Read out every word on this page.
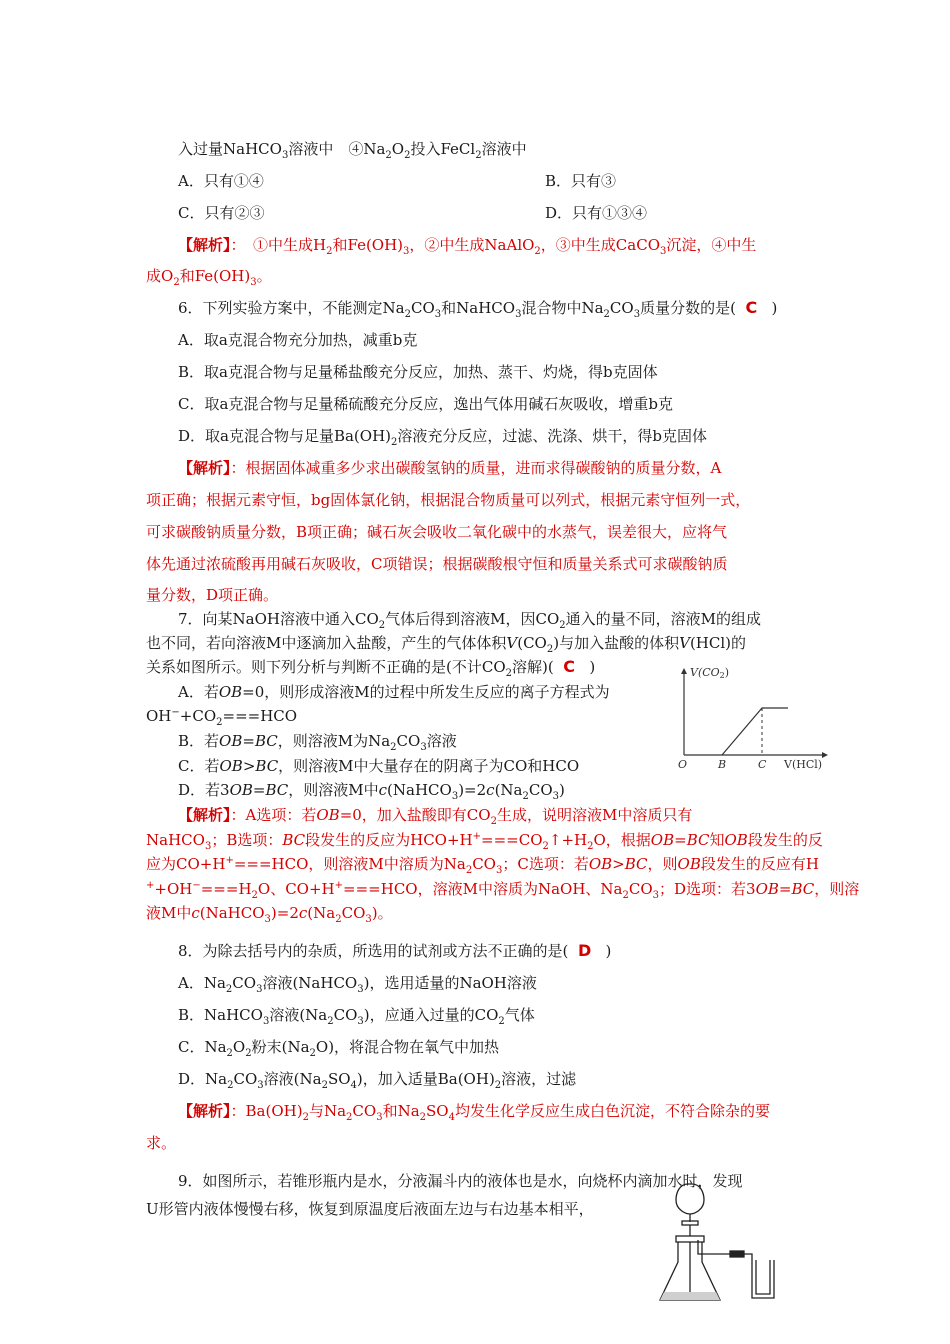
入过量NaHCO$_3$溶液中　$④Na_2O_2$投入FeCl$_2$溶液中
A．只有①④	B．只有③
C．只有②③	D．只有①③④
【解析】：　①中生成$H_2$和$Fe(OH)_3$，②中生成NaAlO$_2$，③中生成CaCO$_3$沉淀，④中生
成$O_2$和$Fe(OH)_3$。
6．下列实验方案中，不能测定$Na_2CO_3$和NaHCO$_3$混合物中$Na_2CO_3$质量分数的是( C )
A．取a克混合物充分加热，减重b克
B．取a克混合物与足量稀盐酸充分反应，加热、蒸干、灼烧，得b克固体
C．取a克混合物与足量稀硫酸充分反应，逸出气体用碱石灰吸收，增重b克
D．取a克混合物与足量$Ba(OH)_2$溶液充分反应，过滤、洗涤、烘干，得b克固体
【解析】：根据固体减重多少求出碳酸氢钠的质量，进而求得碳酸钠的质量分数，A
项正确；根据元素守恒，bg固体氯化钠，根据混合物质量可以列式，根据元素守恒列一式，
可求碳酸钠质量分数，B项正确；碱石灰会吸收二氧化碳中的水蒸气，误差很大，应将气
体先通过浓硫酸再用碱石灰吸收，C项错误；根据碳酸根守恒和质量关系式可求碳酸钠质
量分数，D项正确。
7．向某NaOH溶液中通入$CO_2$气体后得到溶液M，因$CO_2$通入的量不同，溶液M的组成
也不同，若向溶液M中逐滴加入盐酸，产生的气体体积$V(CO_2)$与加入盐酸的体积V(HCl)的
关系如图所示。则下列分析与判断不正确的是(不计$CO_2$溶解)( C )
A．若OB=0，则形成溶液M的过程中所发生反应的离子方程式为
$OH^-+CO_2===HCO$
B．若OB=BC，则溶液M为$Na_2CO_3$溶液
C．若OB>BC，则溶液M中大量存在的阴离子为CO和HCO
D．若3OB=BC，则溶液M中$c(NaHCO_3)=2c(Na_2CO_3)$
V(CO2)
O	B	C V(HCl)
【解析】：A选项：若OB=0，加入盐酸即有$CO_2$生成，说明溶液M中溶质只有
NaHCO$_3$；B选项：BC段发生的反应为$HCO+H^+===CO_2↑+H_2O$，根据OB=BC知OB段发生的反
应为CO+H+===HCO，则溶液M中溶质为$Na_2CO_3$；C选项：若OB>BC，则OB段发生的反应有H
$^++OH^-===H_2O$、CO+H+===HCO，溶液M中溶质为NaOH、$Na_2CO_3$；D选项：若3OB=BC，则溶
液M中$c(NaHCO_3)=2c(Na_2CO_3)$。
8．为除去括号内的杂质，所选用的试剂或方法不正确的是( D )
A．$Na_2CO_3$溶液(NaHCO$_3$)，选用适量的NaOH溶液
B．NaHCO$_3$溶液$(Na_2CO_3)$，应通入过量的$CO_2$气体
C．$Na_2O_2$粉末$(Na_2O)$，将混合物在氧气中加热
D．$Na_2CO_3$溶液$(Na_2SO_4)$，加入适量$Ba(OH)_2$溶液，过滤
【解析】：$Ba(OH)_2$与$Na_2CO_3$和$Na_2SO_4$均发生化学反应生成白色沉淀，不符合除杂的要
求。
9．如图所示，若锥形瓶内是水，分液漏斗内的液体也是水，向烧杯内滴加水时，发现
U形管内液体慢慢右移，恢复到原温度后液面左边与右边基本相平，
